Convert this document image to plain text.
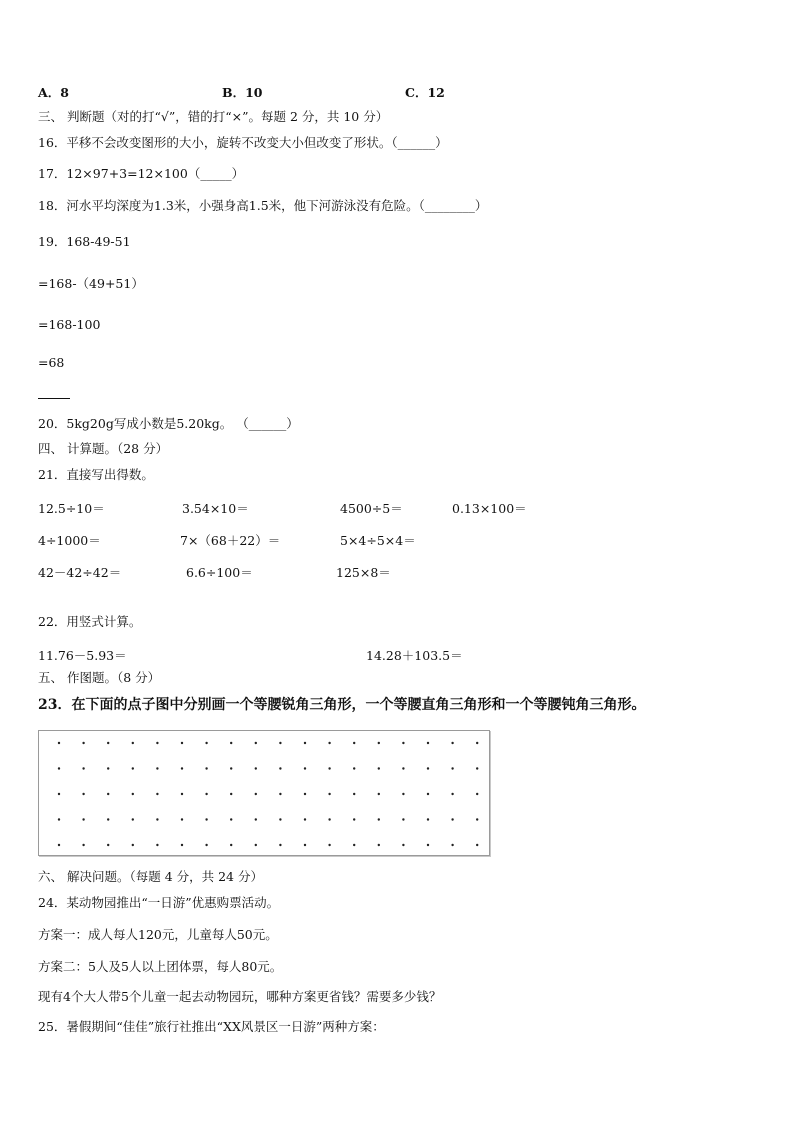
A．8	B．10	C．12
三、 判断题（对的打“√”，错的打“×”。每题 2 分，共 10 分）
16．平移不会改变图形的大小，旋转不改变大小但改变了形状。（______）
17．12×97+3=12×100（_____）
18．河水平均深度为1.3米，小强身高1.5米，他下河游泳没有危险。（________）
19．168-49-51
=168-（49+51）
=168-100
=68
20．5kg20g写成小数是5.20kg。 （______）
四、 计算题。（28 分）
21．直接写出得数。
12.5÷10＝	3.54×10＝	4500÷5＝	0.13×100＝
4÷1000＝	7×（68＋22）＝	5×4÷5×4＝
42－42÷42＝	6.6÷100＝	125×8＝
22．用竖式计算。
11.76－5.93＝	14.28＋103.5＝
五、 作图题。（8 分）
23．在下面的点子图中分别画一个等腰锐角三角形，一个等腰直角三角形和一个等腰钝角三角形。
六、 解决问题。（每题 4 分，共 24 分）
24．某动物园推出“一日游”优惠购票活动。
方案一：成人每人120元，儿童每人50元。
方案二：5人及5人以上团体票，每人80元。
现有4个大人带5个儿童一起去动物园玩，哪种方案更省钱？需要多少钱？
25．暑假期间“佳佳”旅行社推出“XX风景区一日游”两种方案：
